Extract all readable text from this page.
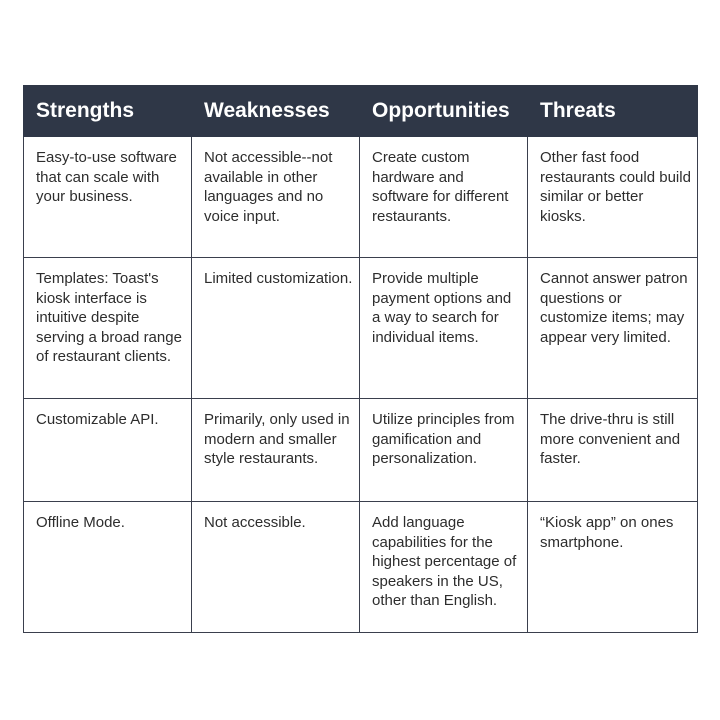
Strengths	Weaknesses	Opportunities	Threats
Easy-to-use software that can scale with your business.	Not accessible--not available in other languages and no voice input.	Create custom hardware and software for different restaurants.	Other fast food restaurants could build similar or better kiosks.
Templates: Toast's kiosk interface is intuitive despite serving a broad range of restaurant clients.	Limited customization.	Provide multiple payment options and a way to search for individual items.	Cannot answer patron questions or customize items; may appear very limited.
Customizable API.	Primarily, only used in modern and smaller style restaurants.	Utilize principles from gamification and personalization.	The drive-thru is still more convenient and faster.
Offline Mode.	Not accessible.	Add language capabilities for the highest percentage of speakers in the US, other than English.	“Kiosk app” on ones smartphone.
